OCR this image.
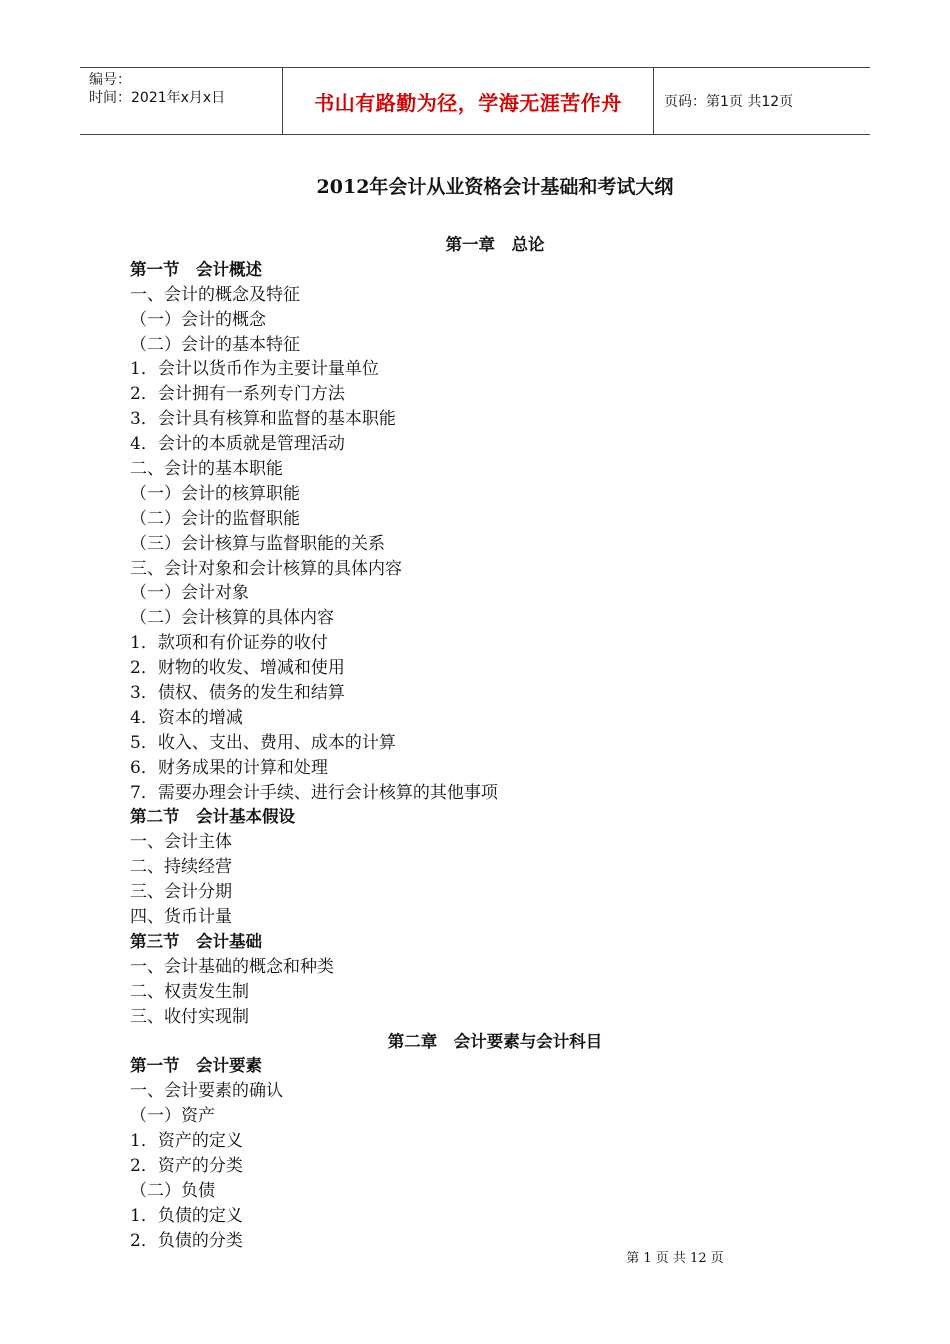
编号：
时间：2021年x月x日	书山有路勤为径，学海无涯苦作舟	页码：第1页 共12页
2012年会计从业资格会计基础和考试大纲
第一章　总论
第一节　会计概述
一、会计的概念及特征
（一）会计的概念
（二）会计的基本特征
1．会计以货币作为主要计量单位
2．会计拥有一系列专门方法
3．会计具有核算和监督的基本职能
4．会计的本质就是管理活动
二、会计的基本职能
（一）会计的核算职能
（二）会计的监督职能
（三）会计核算与监督职能的关系
三、会计对象和会计核算的具体内容
（一）会计对象
（二）会计核算的具体内容
1．款项和有价证券的收付
2．财物的收发、增减和使用
3．债权、债务的发生和结算
4．资本的增减
5．收入、支出、费用、成本的计算
6．财务成果的计算和处理
7．需要办理会计手续、进行会计核算的其他事项
第二节　会计基本假设
一、会计主体
二、持续经营
三、会计分期
四、货币计量
第三节　会计基础
一、会计基础的概念和种类
二、权责发生制
三、收付实现制
第二章　会计要素与会计科目
第一节　会计要素
一、会计要素的确认
（一）资产
1．资产的定义
2．资产的分类
（二）负债
1．负债的定义
2．负债的分类
第 1 页 共 12 页
